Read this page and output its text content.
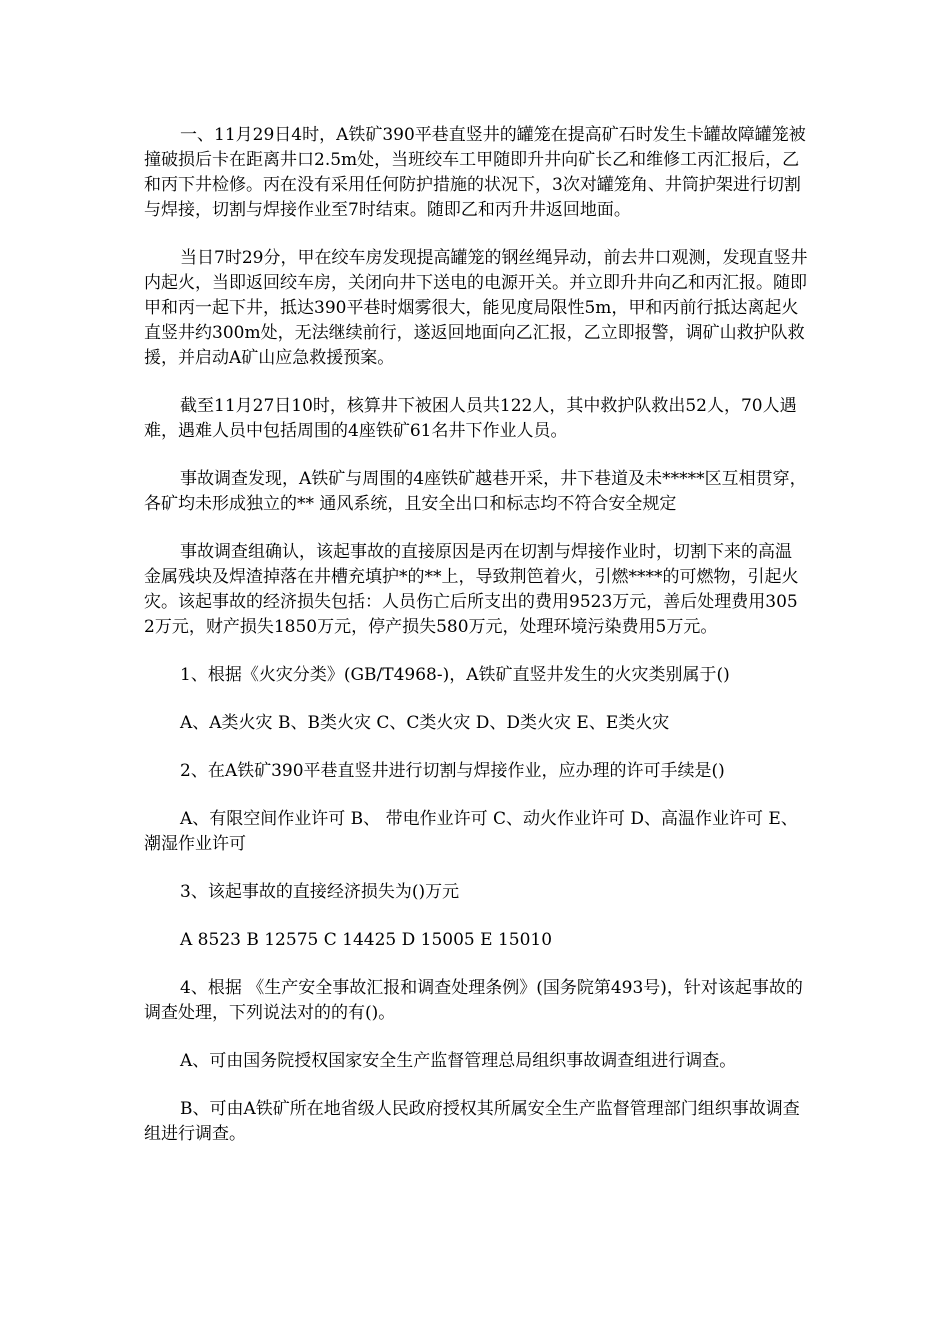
一、11月29日4时，A铁矿390平巷直竖井的罐笼在提高矿石时发生卡罐故障罐笼被撞破损后卡在距离井口2.5m处，当班绞车工甲随即升井向矿长乙和维修工丙汇报后，乙和丙下井检修。丙在没有采用任何防护措施的状况下，3次对罐笼角、井筒护架进行切割与焊接，切割与焊接作业至7时结束。随即乙和丙升井返回地面。

当日7时29分，甲在绞车房发现提高罐笼的钢丝绳异动，前去井口观测，发现直竖井内起火，当即返回绞车房，关闭向井下送电的电源开关。并立即升井向乙和丙汇报。随即甲和丙一起下井，抵达390平巷时烟雾很大，能见度局限性5m，甲和丙前行抵达离起火直竖井约300m处，无法继续前行，遂返回地面向乙汇报，乙立即报警，调矿山救护队救援，并启动A矿山应急救援预案。

截至11月27日10时，核算井下被困人员共122人，其中救护队救出52人，70人遇难，遇难人员中包括周围的4座铁矿61名井下作业人员。

事故调查发现，A铁矿与周围的4座铁矿越巷开采，井下巷道及未*****区互相贯穿，各矿均未形成独立的** 通风系统，且安全出口和标志均不符合安全规定

事故调查组确认，该起事故的直接原因是丙在切割与焊接作业时，切割下来的高温金属残块及焊渣掉落在井槽充填护*的**上，导致荆笆着火，引燃****的可燃物，引起火灾。该起事故的经济损失包括：人员伤亡后所支出的费用9523万元，善后处理费用3052万元，财产损失1850万元，停产损失580万元，处理环境污染费用5万元。

1、根据《火灾分类》(GB/T4968-)，A铁矿直竖井发生的火灾类别属于()

A、A类火灾 B、B类火灾 C、C类火灾 D、D类火灾 E、E类火灾

2、在A铁矿390平巷直竖井进行切割与焊接作业，应办理的许可手续是()

A、有限空间作业许可 B、 带电作业许可 C、动火作业许可 D、高温作业许可 E、潮湿作业许可

3、该起事故的直接经济损失为()万元

A 8523 B 12575 C 14425 D 15005 E 15010

4、根据 《生产安全事故汇报和调查处理条例》(国务院第493号)，针对该起事故的调查处理，下列说法对的的有()。

A、可由国务院授权国家安全生产监督管理总局组织事故调查组进行调查。

B、可由A铁矿所在地省级人民政府授权其所属安全生产监督管理部门组织事故调查组进行调查。
